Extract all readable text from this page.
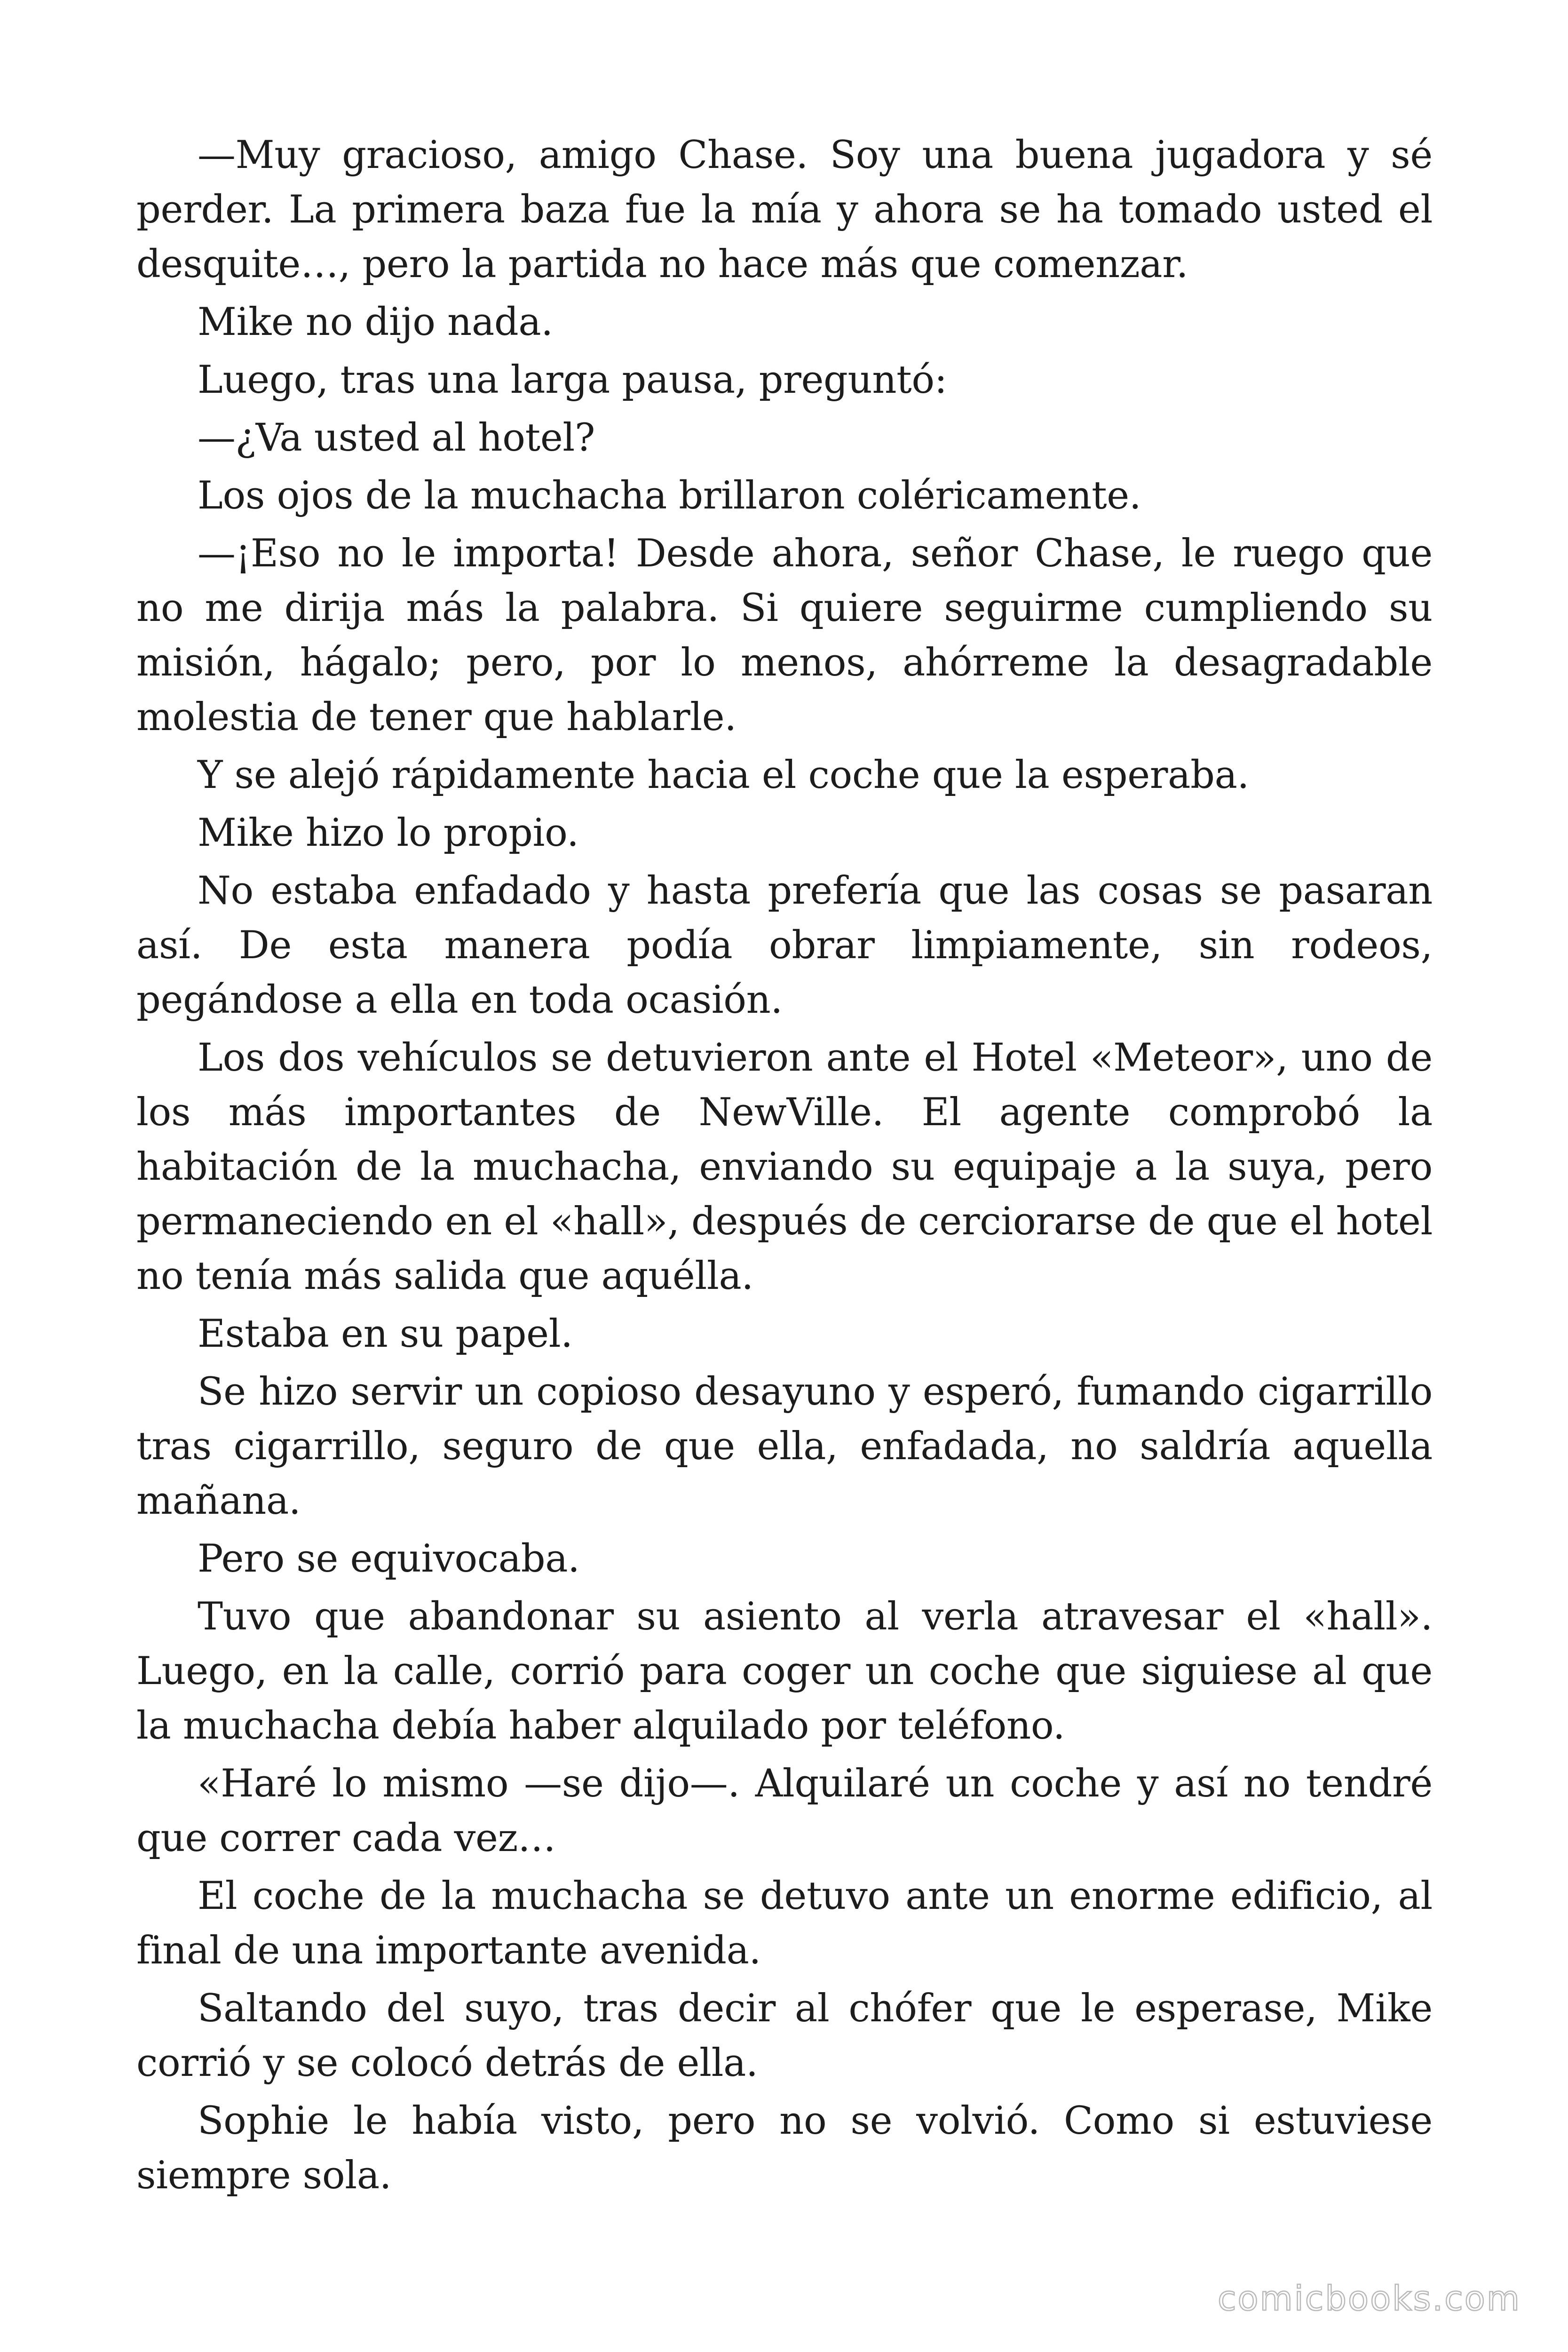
—Muy gracioso, amigo Chase. Soy una buena jugadora y sé perder. La primera baza fue la mía y ahora se ha tomado usted el desquite…, pero la partida no hace más que comenzar.

Mike no dijo nada.

Luego, tras una larga pausa, preguntó:

—¿Va usted al hotel?

Los ojos de la muchacha brillaron coléricamente.

—¡Eso no le importa! Desde ahora, señor Chase, le ruego que no me dirija más la palabra. Si quiere seguirme cumpliendo su misión, hágalo; pero, por lo menos, ahórreme la desagradable molestia de tener que hablarle.

Y se alejó rápidamente hacia el coche que la esperaba.

Mike hizo lo propio.

No estaba enfadado y hasta prefería que las cosas se pasaran así. De esta manera podía obrar limpiamente, sin rodeos, pegándose a ella en toda ocasión.

Los dos vehículos se detuvieron ante el Hotel «Meteor», uno de los más importantes de NewVille. El agente comprobó la habitación de la muchacha, enviando su equipaje a la suya, pero permaneciendo en el «hall», después de cerciorarse de que el hotel no tenía más salida que aquélla.

Estaba en su papel.

Se hizo servir un copioso desayuno y esperó, fumando cigarrillo tras cigarrillo, seguro de que ella, enfadada, no saldría aquella mañana.

Pero se equivocaba.

Tuvo que abandonar su asiento al verla atravesar el «hall». Luego, en la calle, corrió para coger un coche que siguiese al que la muchacha debía haber alquilado por teléfono.

«Haré lo mismo —se dijo—. Alquilaré un coche y así no tendré que correr cada vez…

El coche de la muchacha se detuvo ante un enorme edificio, al final de una importante avenida.

Saltando del suyo, tras decir al chófer que le esperase, Mike corrió y se colocó detrás de ella.

Sophie le había visto, pero no se volvió. Como si estuviese siempre sola.

comicbooks.com
